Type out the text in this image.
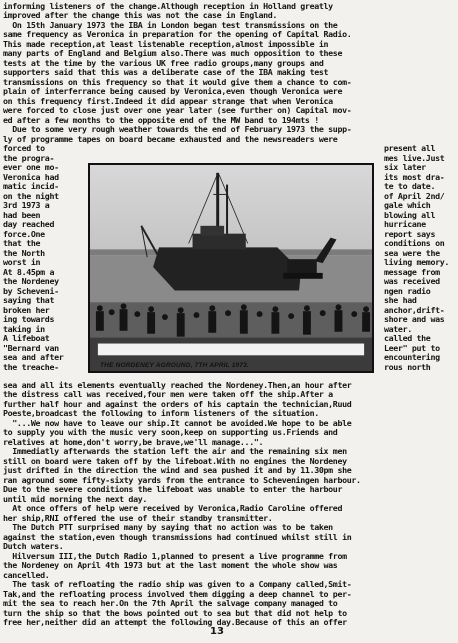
informing listeners of the change.Although reception in Holland greatly

improved after the change this was not the case in England.

On 15th January 1973 the IBA in London began test transmissions on the

same frequency as Veronica in preparation for the opening of Capital Radio.

This made reception,at least listenable reception,almost impossible in

many parts of England and Belgium also.There was much opposition to these

tests at the time by the various UK free radio groups,many groups and

supporters said that this was a deliberate case of the IBA making test

transmissions on this frequency so that it would give them a chance to com-

plain of interferrance being caused by Veronica,even though Veronica were

on this frequency first.Indeed it did appear strange that when Veronica

were forced to close just over one year later (see further on) Capital mov-

ed after a few months to the opposite end of the MW band to 194mts !

Due to some very rough weather towards the end of February 1973 the supp-

ly of programme tapes on board became exhausted and the newsreaders were

forced to

the progra-

ever one mo-

Veronica had

matic incid-

on the night

3rd 1973 a

had been

day reached

force.One

that the

the North

worst in

At 8.45pm a

the Nordeney

by Scheveni-

saying that

broken her

ing towards

taking in

A lifeboat

"Bernard van

sea and after

the treache-

present all

mes live.Just

six later

its most dra-

te to date.

of April 2nd/

gale which

blowing all

hurricane

report says

conditions on

sea were the

living memory.

message from

was received

ngen radio

she had

anchor,drift-

shore and was

water.

called the

Leer" put to

encountering

rous north

THE NORDENEY AGROUND, 7TH APRIL 1973.

sea and all its elements eventually reached the Nordeney.Then,an hour after

the distress call was received,four men were taken off the ship.After a

further half hour and against the orders of his captain the technician,Ruud

Poeste,broadcast the following to inform listeners of the situation.

"...We now have to leave our ship.It cannot be avoided.We hope to be able

to supply you with the music very soon,keep on supporting us.Friends and

relatives at home,don't worry,be brave,we'll manage...".

Immediatly afterwards the station left the air and the remaining six men

still on board were taken off by the lifeboat.With no engines the Nordeney

just drifted in the direction the wind and sea pushed it and by 11.30pm she

ran aground some fifty-sixty yards from the entrance to Scheveningen harbour.

Due to the severe conditions the lifeboat was unable to enter the harbour

until mid morning the next day.

At once offers of help were received by Veronica,Radio Caroline offered

her ship,RNI offered the use of their standby transmitter.

The Dutch PTT surprised many by saying that no action was to be taken

against the station,even though transmissions had continued whilst still in

Dutch waters.

Hilversum III,the Dutch Radio 1,planned to present a live programme from

the Nordeney on April 4th 1973 but at the last moment the whole show was

cancelled.

The task of refloating the radio ship was given to a Company called,Smit-

Tak,and the refloating process involved them digging a deep channel to per-

mit the sea to reach her.On the 7th April the salvage company managed to

turn the ship so that the bows pointed out to sea but that did not help to

free her,neither did an attempt the following day.Because of this an offer

13
